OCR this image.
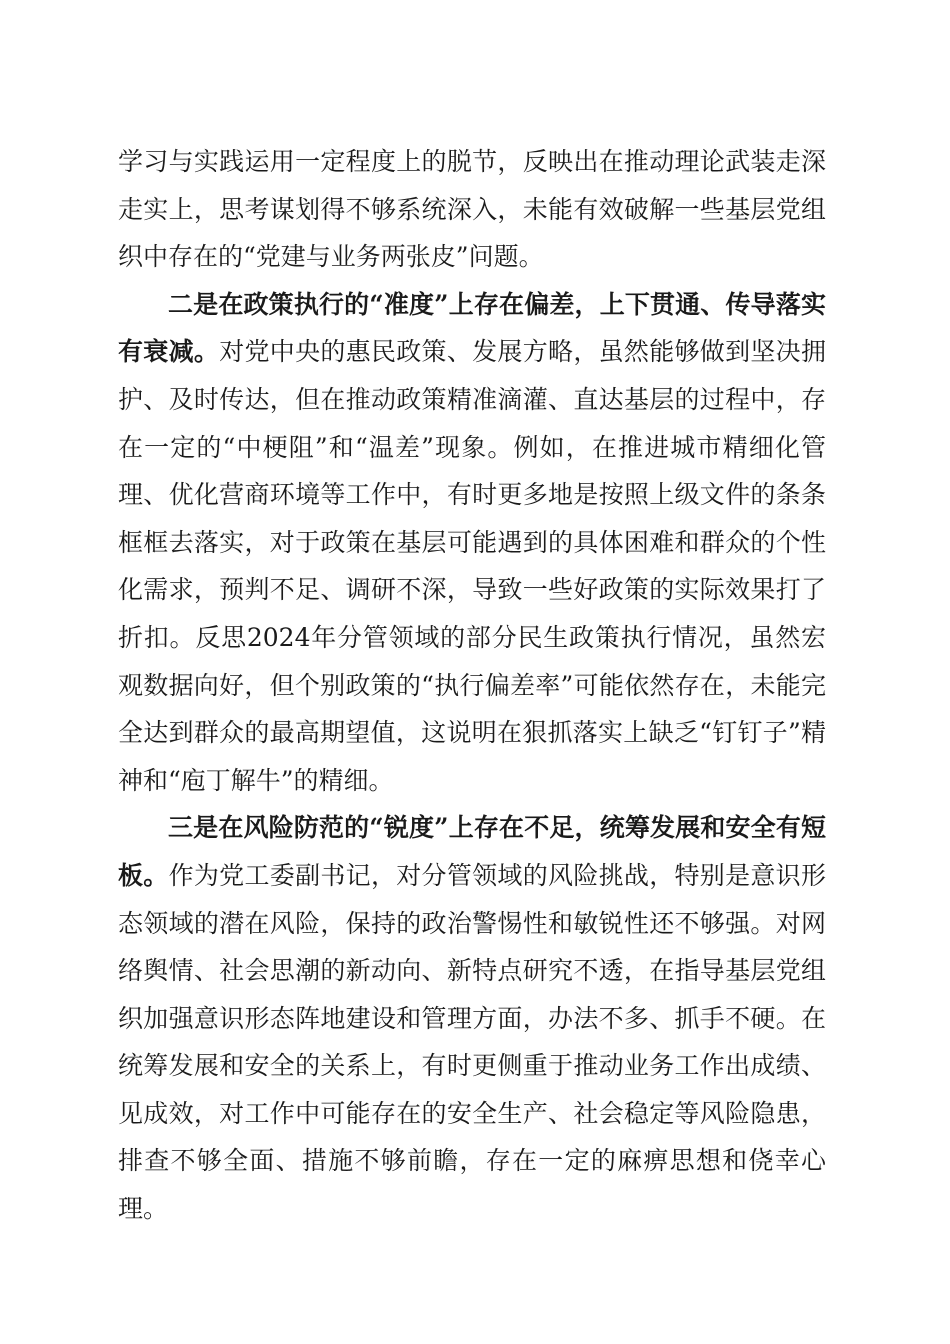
学习与实践运用一定程度上的脱节，反映出在推动理论武装走深走实上，思考谋划得不够系统深入，未能有效破解一些基层党组织中存在的“党建与业务两张皮”问题。

二是在政策执行的“准度”上存在偏差，上下贯通、传导落实有衰减。对党中央的惠民政策、发展方略，虽然能够做到坚决拥护、及时传达，但在推动政策精准滴灌、直达基层的过程中，存在一定的“中梗阻”和“温差”现象。例如，在推进城市精细化管理、优化营商环境等工作中，有时更多地是按照上级文件的条条框框去落实，对于政策在基层可能遇到的具体困难和群众的个性化需求，预判不足、调研不深，导致一些好政策的实际效果打了折扣。反思2024年分管领域的部分民生政策执行情况，虽然宏观数据向好，但个别政策的“执行偏差率”可能依然存在，未能完全达到群众的最高期望值，这说明在狠抓落实上缺乏“钉钉子”精神和“庖丁解牛”的精细。

三是在风险防范的“锐度”上存在不足，统筹发展和安全有短板。作为党工委副书记，对分管领域的风险挑战，特别是意识形态领域的潜在风险，保持的政治警惕性和敏锐性还不够强。对网络舆情、社会思潮的新动向、新特点研究不透，在指导基层党组织加强意识形态阵地建设和管理方面，办法不多、抓手不硬。在统筹发展和安全的关系上，有时更侧重于推动业务工作出成绩、见成效，对工作中可能存在的安全生产、社会稳定等风险隐患，排查不够全面、措施不够前瞻，存在一定的麻痹思想和侥幸心理。
